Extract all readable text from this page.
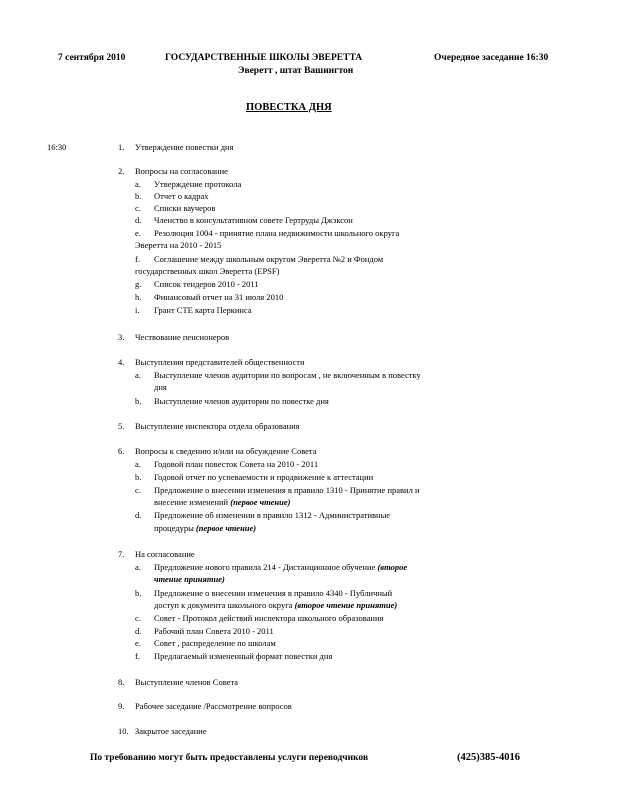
7 сентября 2010	ГОСУДАРСТВЕННЫЕ ШКОЛЫ ЭВЕРЕТТА	Очередное заседание 16:30
Эверетт , штат Вашингтон
ПОВЕСТКА ДНЯ
16:30	1. Утверждение повестки дня
2. Вопросы на согласование
a. Утверждение протокола
b. Отчет о кадрах
c. Списки ваучеров
d. Членство в консультативном совете Гертруды Джэксон
e. Резолюция 1004 - принятие плана недвижимости школьного округа
Эверетта на 2010 - 2015
f. Соглашение между школьным округом Эверетта №2 и Фондом
государственных школ Эверетта (EPSF)
g. Список тендеров 2010 - 2011
h. Финансовый отчет на 31 июля 2010
i. Грант СТЕ карта Перкинса
3. Чествование пенсионеров
4. Выступления представителей общественности
a. Выступление членов аудитории по вопросам , не включенным в повестку
дня
b. Выступление членов аудитории по повестке дня
5. Выступление инспектора отдела образования
6. Вопросы к сведению и/или на обсуждение Совета
a. Годовой план повесток Совета на 2010 - 2011
b. Годовой отчет по успеваемости и продвижение к аттестации
c. Предложение о внесении изменения в правило 1310 - Принятие правил и
внесение изменений (первое чтение)
d. Предложение об изменении в правило 1312 - Административные
процедуры (первое чтение)
7. На согласование
a. Предложение нового правила 214 - Дистанционное обучение (второе
чтение принятие)
b. Предложение о внесении изменения в правило 4340 - Публичный
доступ к документа школьного округа (второе чтение принятие)
c. Совет - Протокол действий инспектора школьного образования
d. Рабочий план Совета 2010 - 2011
e. Совет , распределение по школам
f. Предлагаемый измененный формат повестки дня
8. Выступление членов Совета
9. Рабочее заседание /Рассмотрение вопросов
10. Закрытое заседание
По требованию могут быть предоставлены услуги переводчиков	(425)385-4016
